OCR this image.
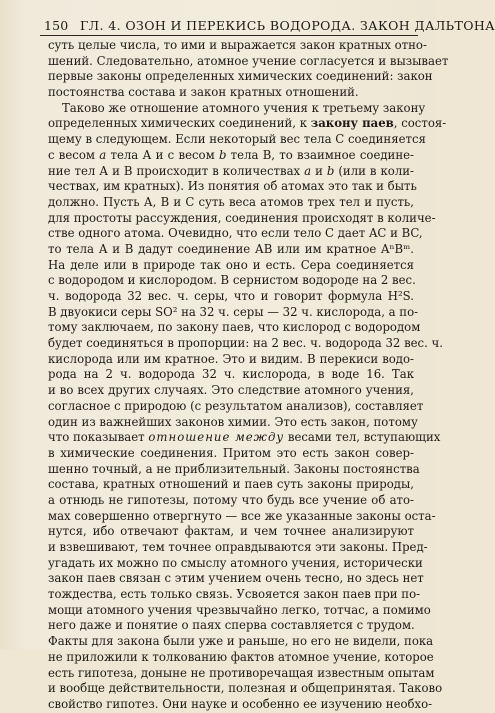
150 ГЛ. 4. ОЗОН И ПЕРЕКИСЬ ВОДОРОДА. ЗАКОН ДАЛЬТОНА
суть целые числа, то ими и выражается закон кратных отно-
шений. Следовательно, атомное учение согласуется и вызывает
первые законы определенных химических соединений: закон
постоянства состава и закон кратных отношений.
Таково же отношение атомного учения к третьему закону
определенных химических соединений, к закону паев, состоя-
щему в следующем. Если некоторый вес тела С соединяется
с весом a тела А и с весом b тела В, то взаимное соедине-
ние тел А и В происходит в количествах a и b (или в коли-
чествах, им кратных). Из понятия об атомах это так и быть
должно. Пусть А, В и С суть веса атомов трех тел и пусть,
для простоты рассуждения, соединения происходят в количе-
стве одного атома. Очевидно, что если тело С дает AC и BC,
то тела А и В дадут соединение АВ или им кратное AⁿBᵐ.
На деле или в природе так оно и есть. Сера соединяется
с водородом и кислородом. В сернистом водороде на 2 вес.
ч. водорода 32 вес. ч. серы, что и говорит формула H²S.
В двуокиси серы SO² на 32 ч. серы — 32 ч. кислорода, а по-
тому заключаем, по закону паев, что кислород с водородом
будет соединяться в пропорции: на 2 вес. ч. водорода 32 вес. ч.
кислорода или им кратное. Это и видим. В перекиси водо-
рода на 2 ч. водорода 32 ч. кислорода, в воде 16. Так
и во всех других случаях. Это следствие атомного учения,
согласное с природою (с результатом анализов), составляет
один из важнейших законов химии. Это есть закон, потому
что показывает отношение между весами тел, вступающих
в химические соединения. Притом это есть закон совер-
шенно точный, а не приблизительный. Законы постоянства
состава, кратных отношений и паев суть законы природы,
а отнюдь не гипотезы, потому что будь все учение об ато-
мах совершенно отвергнуто — все же указанные законы оста-
нутся, ибо отвечают фактам, и чем точнее анализируют
и взвешивают, тем точнее оправдываются эти законы. Пред-
угадать их можно по смыслу атомного учения, исторически
закон паев связан с этим учением очень тесно, но здесь нет
тождества, есть только связь. Усвояется закон паев при по-
мощи атомного учения чрезвычайно легко, тотчас, а помимо
него даже и понятие о паях спервa составляется с трудом.
Факты для закона были уже и раньше, но его не видели, пока
не приложили к толкованию фактов атомное учение, которое
есть гипотеза, доныне не противоречащая известным опытам
и вообще действительности, полезная и общепринятая. Таково
свойство гипотез. Они науке и особенно ее изучению необхо-
